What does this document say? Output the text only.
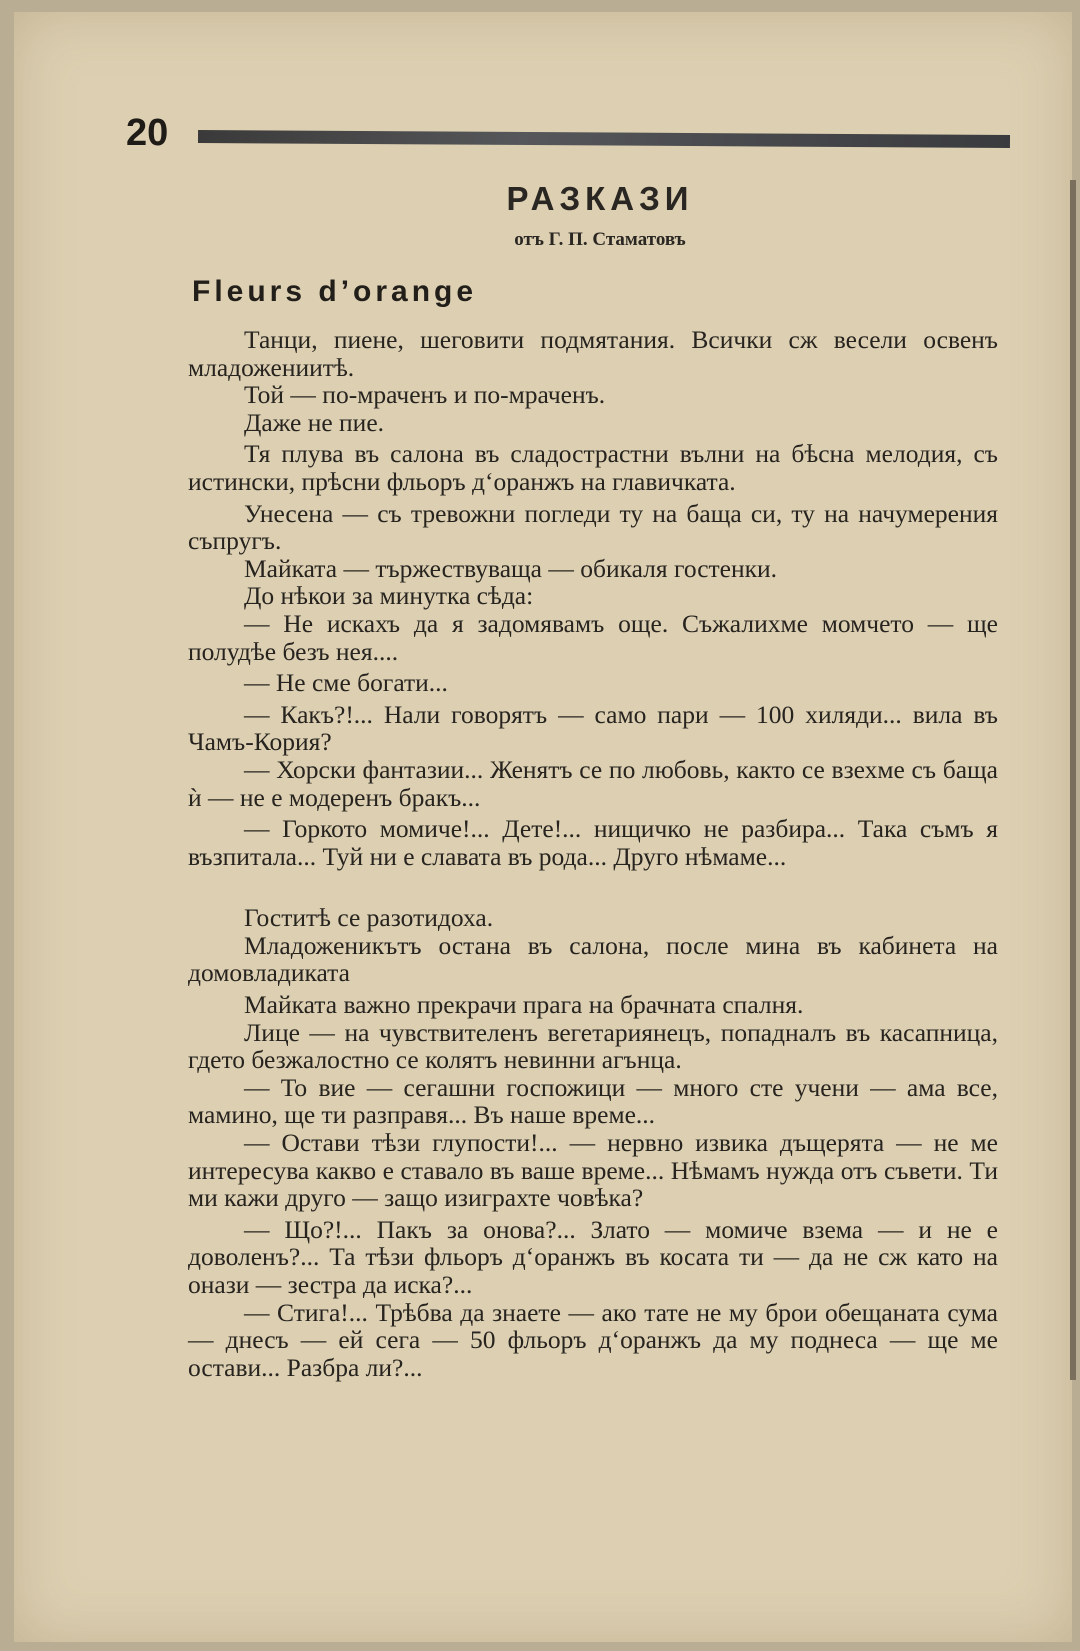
20
РАЗКАЗИ
отъ Г. П. Стаматовъ
Fleurs d’orange

Танци, пиене, шеговити подмятания. Всички сж весели освенъ младожениитѣ.

Той — по-мраченъ и по-мраченъ.

Даже не пие.

Тя плува въ салона въ сладострастни вълни на бѣсна мелодия, съ истински, прѣсни фльоръ д‘оранжъ на главичката.

Унесена — съ тревожни погледи ту на баща си, ту на начумерения съпругъ.

Майката — тържествуваща — обикаля гостенки.

До нѣкои за минутка сѣда:

— Не искахъ да я задомявамъ още. Съжалихме момчето — ще полудѣе безъ нея....

— Не сме богати...

— Какъ?!... Нали говорятъ — само пари — 100 хиляди... вила въ Чамъ-Кория?

— Хорски фантазии... Женятъ се по любовь, както се взехме съ баща ѝ — не е модеренъ бракъ...

— Горкото момиче!... Дете!... нищичко не разбира... Така съмъ я възпитала... Туй ни е славата въ рода... Друго нѣмаме...

Гоститѣ се разотидоха.

Младоженикътъ остана въ салона, после мина въ кабинета на домовладиката

Майката важно прекрачи прага на брачната спалня.

Лице — на чувствителенъ вегетариянецъ, попадналъ въ касапница, гдето безжалостно се колятъ невинни агънца.

— То вие — сегашни госпожици — много сте учени — ама все, мамино, ще ти разправя... Въ наше време...

— Остави тѣзи глупости!... — нервно извика дъщерята — не ме интересува какво е ставало въ ваше време... Нѣмамъ нужда отъ съвети. Ти ми кажи друго — защо изиграхте човѣка?

— Що?!... Пакъ за онова?... Злато — момиче взема — и не е доволенъ?... Та тѣзи фльоръ д‘оранжъ въ косата ти — да не сж като на онази — зестра да иска?...

— Стига!... Трѣбва да знаете — ако тате не му брои обещаната сума — днесъ — ей сега — 50 фльоръ д‘оранжъ да му поднеса — ще ме остави... Разбра ли?...
